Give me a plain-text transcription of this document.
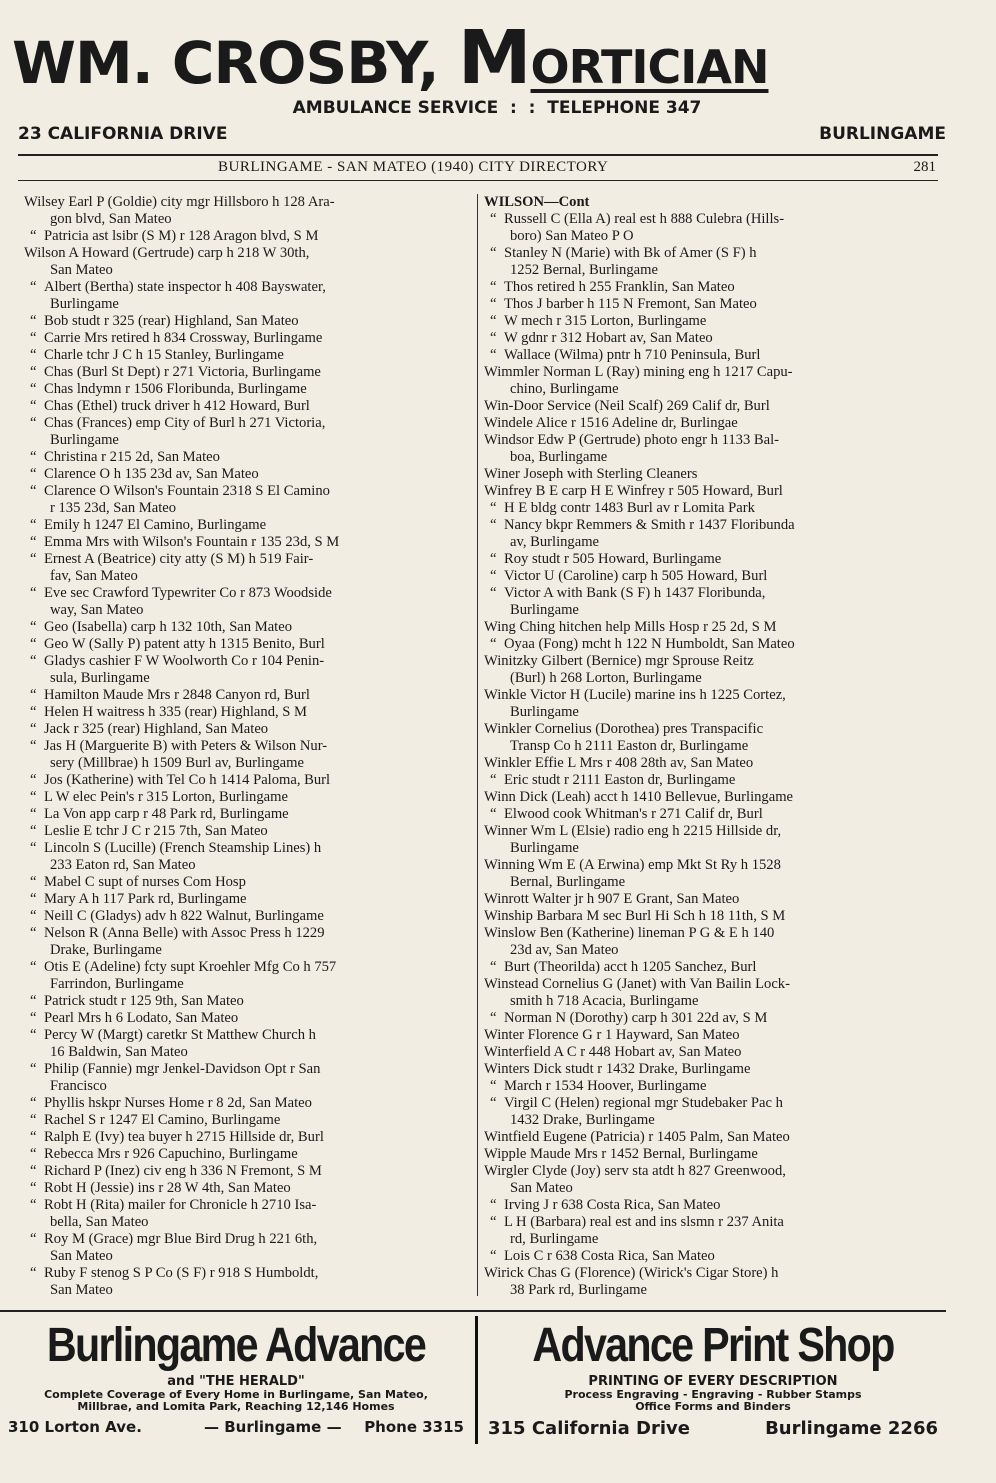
WM. CROSBY, MORTICIAN
AMBULANCE SERVICE  :  :  TELEPHONE 347
23 CALIFORNIA DRIVE	BURLINGAME
BURLINGAME - SAN MATEO (1940) CITY DIRECTORY	281
Wilsey Earl P (Goldie) city mgr Hillsboro h 128 Ara-
gon blvd, San Mateo
“ Patricia ast lsibr (S M) r 128 Aragon blvd, S M
Wilson A Howard (Gertrude) carp h 218 W 30th,
San Mateo
“ Albert (Bertha) state inspector h 408 Bayswater,
Burlingame
“ Bob studt r 325 (rear) Highland, San Mateo
“ Carrie Mrs retired h 834 Crossway, Burlingame
“ Charle tchr J C h 15 Stanley, Burlingame
“ Chas (Burl St Dept) r 271 Victoria, Burlingame
“ Chas lndymn r 1506 Floribunda, Burlingame
“ Chas (Ethel) truck driver h 412 Howard, Burl
“ Chas (Frances) emp City of Burl h 271 Victoria,
Burlingame
“ Christina r 215 2d, San Mateo
“ Clarence O h 135 23d av, San Mateo
“ Clarence O Wilson's Fountain 2318 S El Camino
r 135 23d, San Mateo
“ Emily h 1247 El Camino, Burlingame
“ Emma Mrs with Wilson's Fountain r 135 23d, S M
“ Ernest A (Beatrice) city atty (S M) h 519 Fair-
fav, San Mateo
“ Eve sec Crawford Typewriter Co r 873 Woodside
way, San Mateo
“ Geo (Isabella) carp h 132 10th, San Mateo
“ Geo W (Sally P) patent atty h 1315 Benito, Burl
“ Gladys cashier F W Woolworth Co r 104 Penin-
sula, Burlingame
“ Hamilton Maude Mrs r 2848 Canyon rd, Burl
“ Helen H waitress h 335 (rear) Highland, S M
“ Jack r 325 (rear) Highland, San Mateo
“ Jas H (Marguerite B) with Peters & Wilson Nur-
sery (Millbrae) h 1509 Burl av, Burlingame
“ Jos (Katherine) with Tel Co h 1414 Paloma, Burl
“ L W elec Pein's r 315 Lorton, Burlingame
“ La Von app carp r 48 Park rd, Burlingame
“ Leslie E tchr J C r 215 7th, San Mateo
“ Lincoln S (Lucille) (French Steamship Lines) h
233 Eaton rd, San Mateo
“ Mabel C supt of nurses Com Hosp
“ Mary A h 117 Park rd, Burlingame
“ Neill C (Gladys) adv h 822 Walnut, Burlingame
“ Nelson R (Anna Belle) with Assoc Press h 1229
Drake, Burlingame
“ Otis E (Adeline) fcty supt Kroehler Mfg Co h 757
Farrindon, Burlingame
“ Patrick studt r 125 9th, San Mateo
“ Pearl Mrs h 6 Lodato, San Mateo
“ Percy W (Margt) caretkr St Matthew Church h
16 Baldwin, San Mateo
“ Philip (Fannie) mgr Jenkel-Davidson Opt r San
Francisco
“ Phyllis hskpr Nurses Home r 8 2d, San Mateo
“ Rachel S r 1247 El Camino, Burlingame
“ Ralph E (Ivy) tea buyer h 2715 Hillside dr, Burl
“ Rebecca Mrs r 926 Capuchino, Burlingame
“ Richard P (Inez) civ eng h 336 N Fremont, S M
“ Robt H (Jessie) ins r 28 W 4th, San Mateo
“ Robt H (Rita) mailer for Chronicle h 2710 Isa-
bella, San Mateo
“ Roy M (Grace) mgr Blue Bird Drug h 221 6th,
San Mateo
“ Ruby F stenog S P Co (S F) r 918 S Humboldt,
San Mateo
WILSON—Cont
“ Russell C (Ella A) real est h 888 Culebra (Hills-
boro) San Mateo P O
“ Stanley N (Marie) with Bk of Amer (S F) h
1252 Bernal, Burlingame
“ Thos retired h 255 Franklin, San Mateo
“ Thos J barber h 115 N Fremont, San Mateo
“ W mech r 315 Lorton, Burlingame
“ W gdnr r 312 Hobart av, San Mateo
“ Wallace (Wilma) pntr h 710 Peninsula, Burl
Wimmler Norman L (Ray) mining eng h 1217 Capu-
chino, Burlingame
Win-Door Service (Neil Scalf) 269 Calif dr, Burl
Windele Alice r 1516 Adeline dr, Burlingae
Windsor Edw P (Gertrude) photo engr h 1133 Bal-
boa, Burlingame
Winer Joseph with Sterling Cleaners
Winfrey B E carp H E Winfrey r 505 Howard, Burl
“ H E bldg contr 1483 Burl av r Lomita Park
“ Nancy bkpr Remmers & Smith r 1437 Floribunda
av, Burlingame
“ Roy studt r 505 Howard, Burlingame
“ Victor U (Caroline) carp h 505 Howard, Burl
“ Victor A with Bank (S F) h 1437 Floribunda,
Burlingame
Wing Ching hitchen help Mills Hosp r 25 2d, S M
“ Oyaa (Fong) mcht h 122 N Humboldt, San Mateo
Winitzky Gilbert (Bernice) mgr Sprouse Reitz
(Burl) h 268 Lorton, Burlingame
Winkle Victor H (Lucile) marine ins h 1225 Cortez,
Burlingame
Winkler Cornelius (Dorothea) pres Transpacific
Transp Co h 2111 Easton dr, Burlingame
Winkler Effie L Mrs r 408 28th av, San Mateo
“ Eric studt r 2111 Easton dr, Burlingame
Winn Dick (Leah) acct h 1410 Bellevue, Burlingame
“ Elwood cook Whitman's r 271 Calif dr, Burl
Winner Wm L (Elsie) radio eng h 2215 Hillside dr,
Burlingame
Winning Wm E (A Erwina) emp Mkt St Ry h 1528
Bernal, Burlingame
Winrott Walter jr h 907 E Grant, San Mateo
Winship Barbara M sec Burl Hi Sch h 18 11th, S M
Winslow Ben (Katherine) lineman P G & E h 140
23d av, San Mateo
“ Burt (Theorilda) acct h 1205 Sanchez, Burl
Winstead Cornelius G (Janet) with Van Bailin Lock-
smith h 718 Acacia, Burlingame
“ Norman N (Dorothy) carp h 301 22d av, S M
Winter Florence G r 1 Hayward, San Mateo
Winterfield A C r 448 Hobart av, San Mateo
Winters Dick studt r 1432 Drake, Burlingame
“ March r 1534 Hoover, Burlingame
“ Virgil C (Helen) regional mgr Studebaker Pac h
1432 Drake, Burlingame
Wintfield Eugene (Patricia) r 1405 Palm, San Mateo
Wipple Maude Mrs r 1452 Bernal, Burlingame
Wirgler Clyde (Joy) serv sta atdt h 827 Greenwood,
San Mateo
“ Irving J r 638 Costa Rica, San Mateo
“ L H (Barbara) real est and ins slsmn r 237 Anita
rd, Burlingame
“ Lois C r 638 Costa Rica, San Mateo
Wirick Chas G (Florence) (Wirick's Cigar Store) h
38 Park rd, Burlingame
Burlingame Advance
and "THE HERALD"
Complete Coverage of Every Home in Burlingame, San Mateo,
Millbrae, and Lomita Park, Reaching 12,146 Homes
310 Lorton Ave.	— Burlingame — Phone 3315
Advance Print Shop
PRINTING OF EVERY DESCRIPTION
Process Engraving - Engraving - Rubber Stamps
Office Forms and Binders
315 California Drive	Burlingame 2266
